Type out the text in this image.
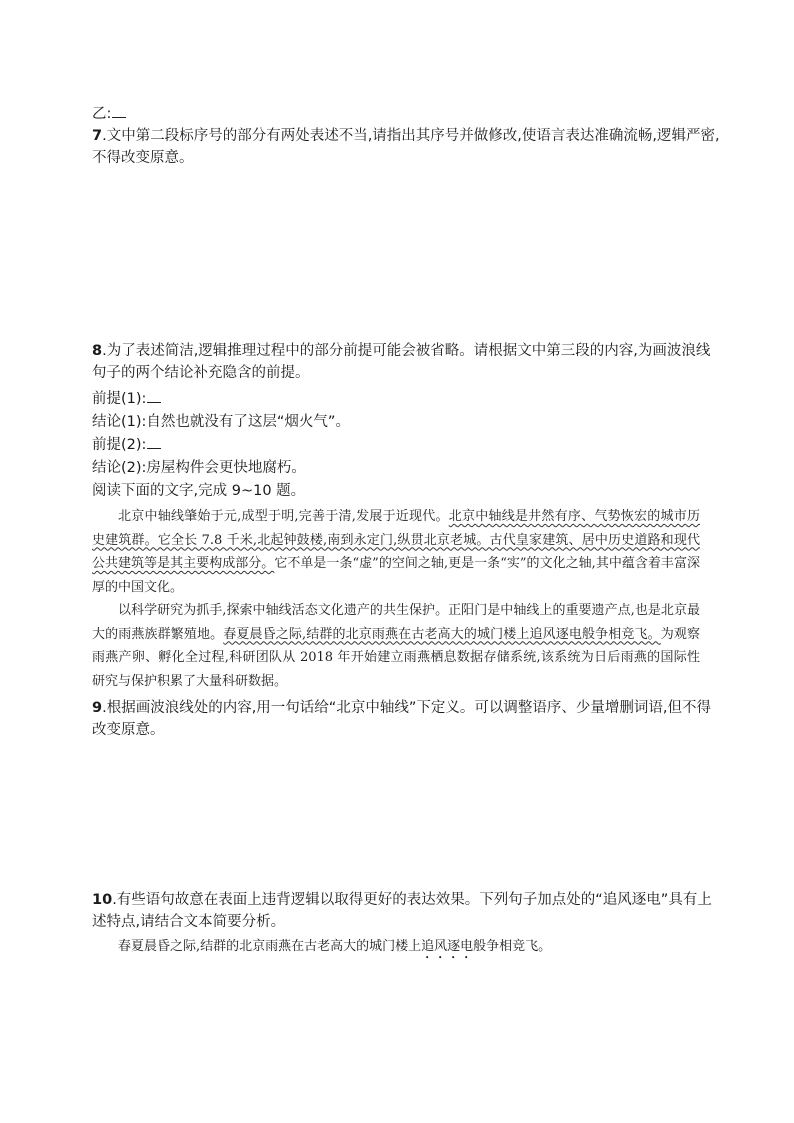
乙:
7.文中第二段标序号的部分有两处表述不当,请指出其序号并做修改,使语言表达准确流畅,逻辑严密,
不得改变原意。
8.为了表述简洁,逻辑推理过程中的部分前提可能会被省略。请根据文中第三段的内容,为画波浪线
句子的两个结论补充隐含的前提。
前提(1):
结论(1):自然也就没有了这层“烟火气”。
前提(2):
结论(2):房屋构件会更快地腐朽。
阅读下面的文字,完成 9~10 题。

北京中轴线肇始于元,成型于明,完善于清,发展于近现代。北京中轴线是井然有序、气势恢宏的城市历史建筑群。它全长 7.8 千米,北起钟鼓楼,南到永定门,纵贯北京老城。古代皇家建筑、居中历史道路和现代公共建筑等是其主要构成部分。它不单是一条“虚”的空间之轴,更是一条“实”的文化之轴,其中蕴含着丰富深厚的中国文化。

以科学研究为抓手,探索中轴线活态文化遗产的共生保护。正阳门是中轴线上的重要遗产点,也是北京最大的雨燕族群繁殖地。春夏晨昏之际,结群的北京雨燕在古老高大的城门楼上追风逐电般争相竞飞。为观察雨燕产卵、孵化全过程,科研团队从 2018 年开始建立雨燕栖息数据存储系统,该系统为日后雨燕的国际性研究与保护积累了大量科研数据。

9.根据画波浪线处的内容,用一句话给“北京中轴线”下定义。可以调整语序、少量增删词语,但不得
改变原意。
10.有些语句故意在表面上违背逻辑以取得更好的表达效果。下列句子加点处的“追风逐电”具有上
述特点,请结合文本简要分析。
春夏晨昏之际,结群的北京雨燕在古老高大的城门楼上追风逐电般争相竞飞。
